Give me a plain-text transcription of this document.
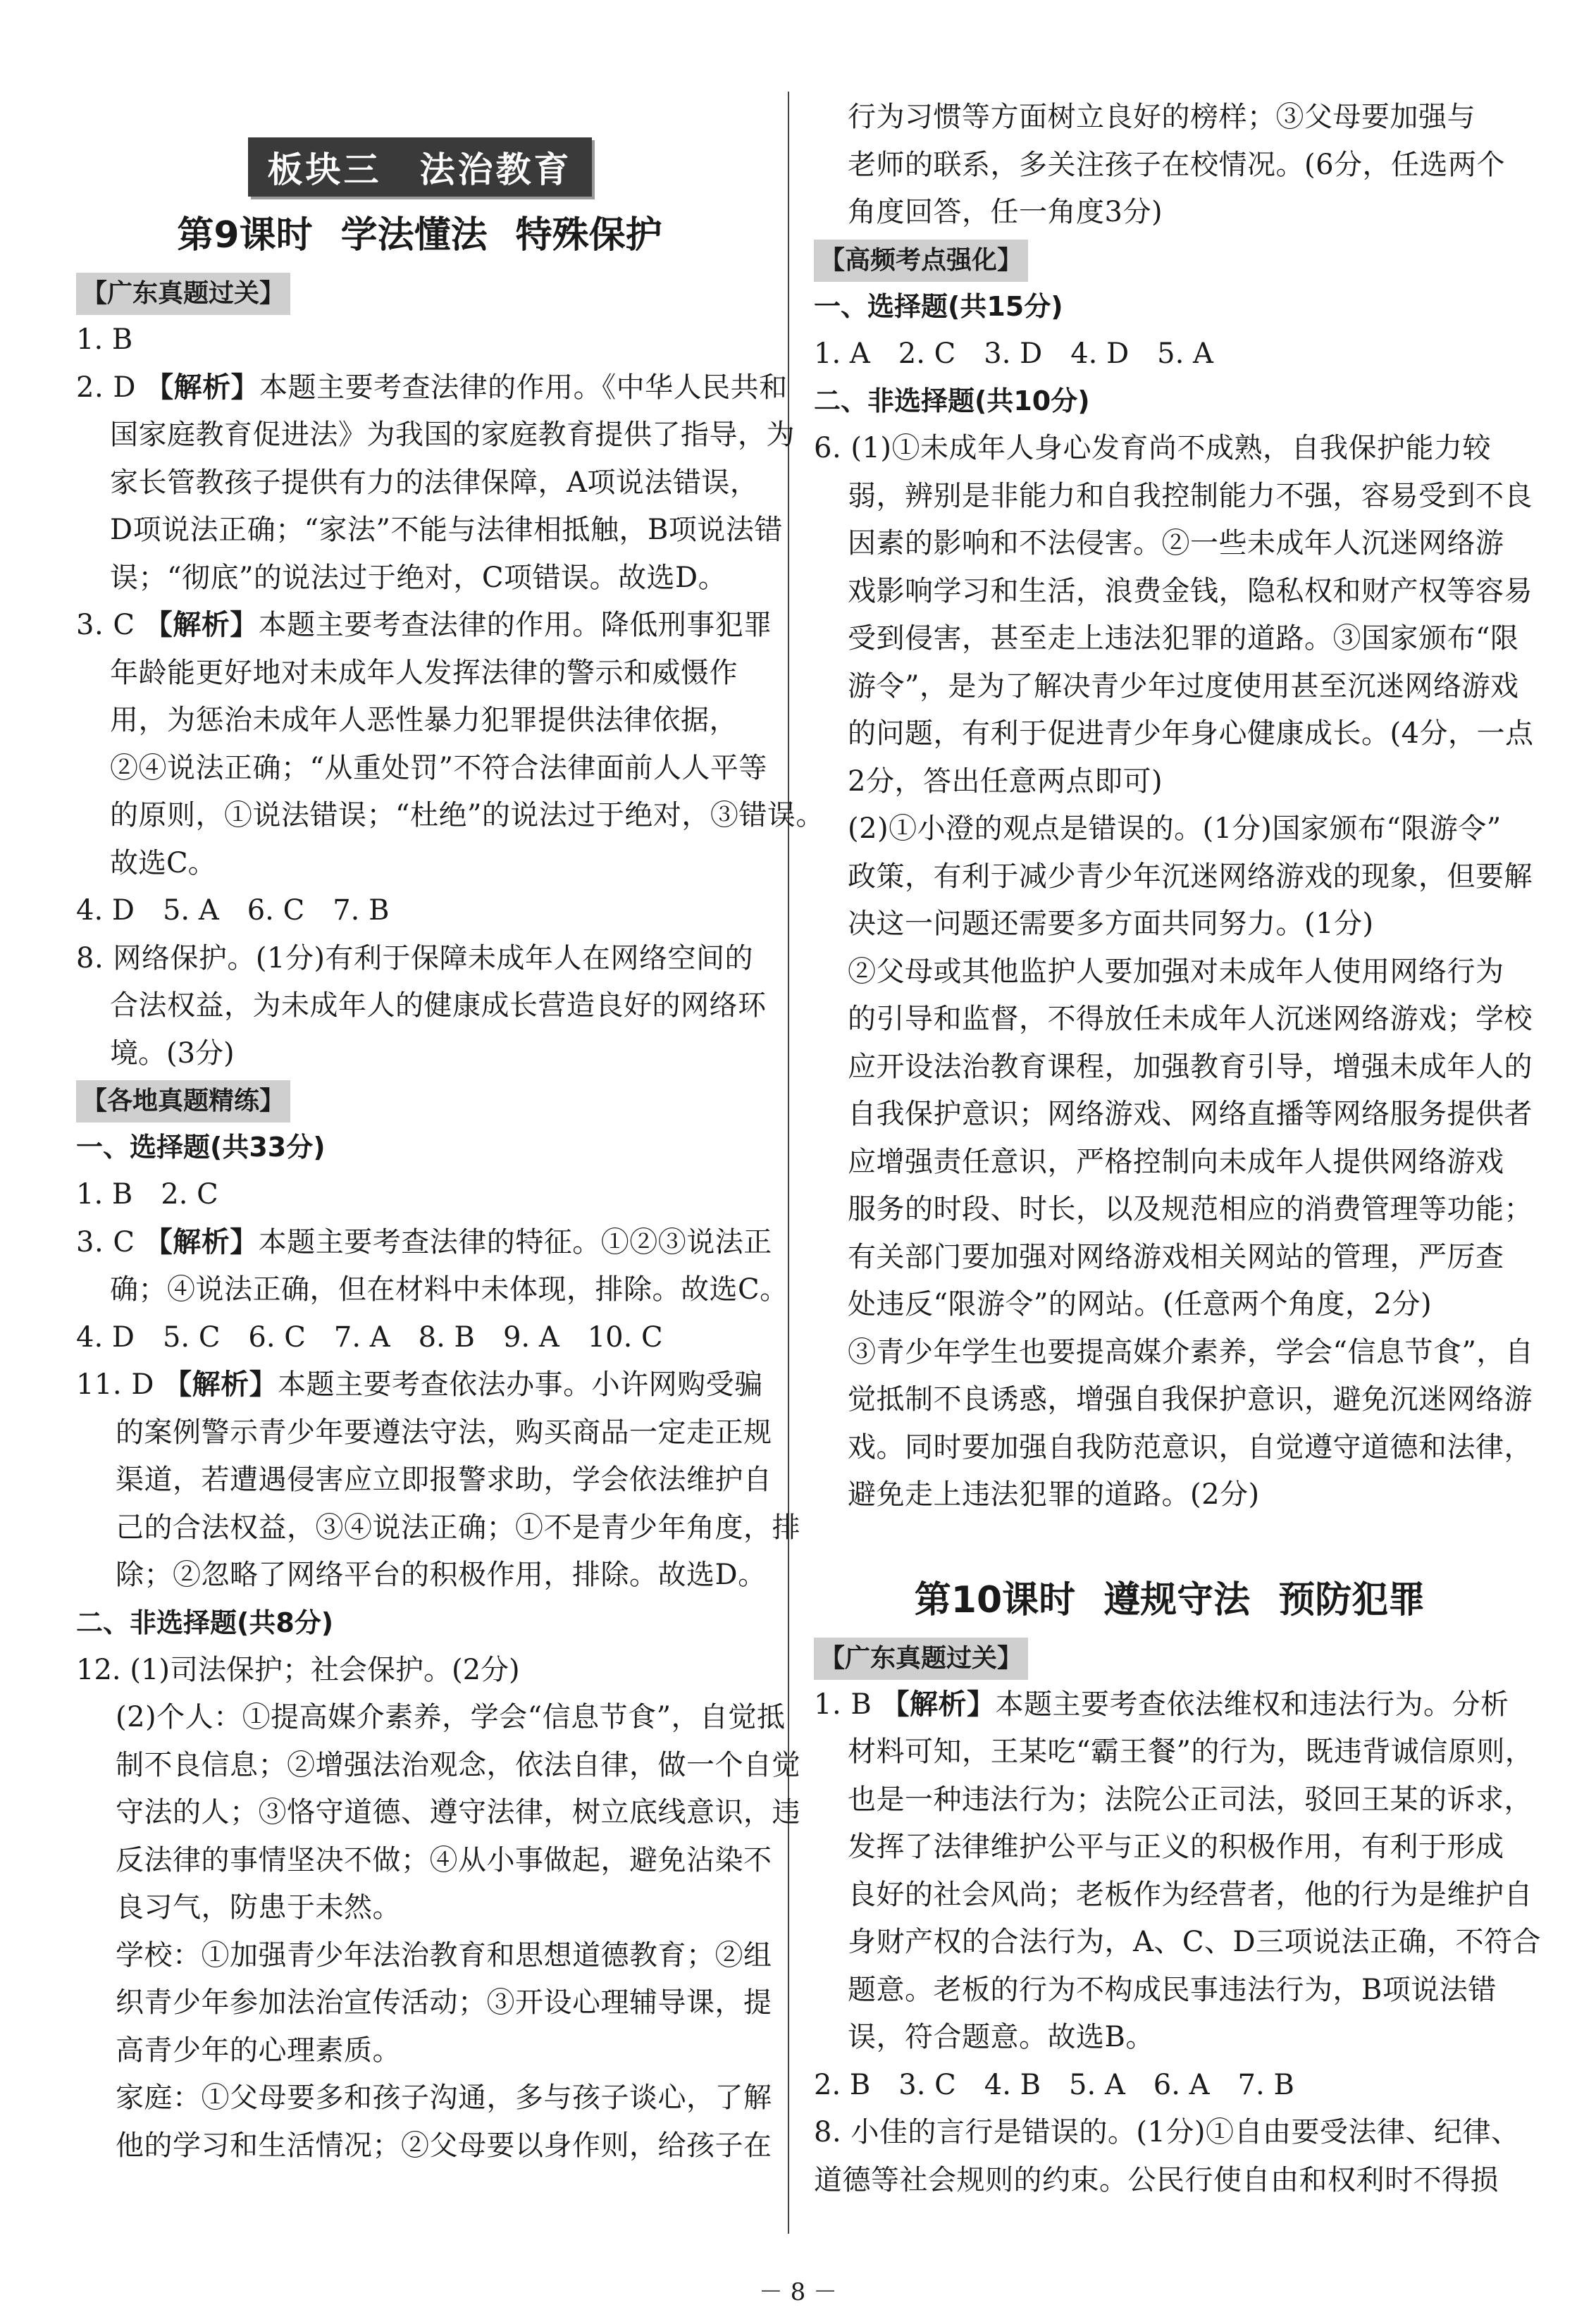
板块三　法治教育
第9课时 学法懂法 特殊保护
【广东真题过关】

1. B

2. D 【解析】本题主要考查法律的作用。《中华人民共和

国家庭教育促进法》为我国的家庭教育提供了指导，为

家长管教孩子提供有力的法律保障，A项说法错误，

D项说法正确；“家法”不能与法律相抵触，B项说法错

误；“彻底”的说法过于绝对，C项错误。故选D。

3. C 【解析】本题主要考查法律的作用。降低刑事犯罪

年龄能更好地对未成年人发挥法律的警示和威慑作

用，为惩治未成年人恶性暴力犯罪提供法律依据，

②④说法正确；“从重处罚”不符合法律面前人人平等

的原则，①说法错误；“杜绝”的说法过于绝对，③错误。

故选C。

4. D　5. A　6. C　7. B

8. 网络保护。(1分)有利于保障未成年人在网络空间的

合法权益，为未成年人的健康成长营造良好的网络环

境。(3分)

【各地真题精练】

一、选择题(共33分)

1. B　2. C

3. C 【解析】本题主要考查法律的特征。①②③说法正

确；④说法正确，但在材料中未体现，排除。故选C。

4. D　5. C　6. C　7. A　8. B　9. A　10. C

11. D 【解析】本题主要考查依法办事。小许网购受骗

的案例警示青少年要遵法守法，购买商品一定走正规

渠道，若遭遇侵害应立即报警求助，学会依法维护自

己的合法权益，③④说法正确；①不是青少年角度，排

除；②忽略了网络平台的积极作用，排除。故选D。

二、非选择题(共8分)

12. (1)司法保护；社会保护。(2分)

(2)个人：①提高媒介素养，学会“信息节食”，自觉抵

制不良信息；②增强法治观念，依法自律，做一个自觉

守法的人；③恪守道德、遵守法律，树立底线意识，违

反法律的事情坚决不做；④从小事做起，避免沾染不

良习气，防患于未然。

学校：①加强青少年法治教育和思想道德教育；②组

织青少年参加法治宣传活动；③开设心理辅导课，提

高青少年的心理素质。

家庭：①父母要多和孩子沟通，多与孩子谈心，了解

他的学习和生活情况；②父母要以身作则，给孩子在

行为习惯等方面树立良好的榜样；③父母要加强与

老师的联系，多关注孩子在校情况。(6分，任选两个

角度回答，任一角度3分)

【高频考点强化】

一、选择题(共15分)

1. A　2. C　3. D　4. D　5. A

二、非选择题(共10分)

6. (1)①未成年人身心发育尚不成熟，自我保护能力较

弱，辨别是非能力和自我控制能力不强，容易受到不良

因素的影响和不法侵害。②一些未成年人沉迷网络游

戏影响学习和生活，浪费金钱，隐私权和财产权等容易

受到侵害，甚至走上违法犯罪的道路。③国家颁布“限

游令”，是为了解决青少年过度使用甚至沉迷网络游戏

的问题，有利于促进青少年身心健康成长。(4分，一点

2分，答出任意两点即可)

(2)①小澄的观点是错误的。(1分)国家颁布“限游令”

政策，有利于减少青少年沉迷网络游戏的现象，但要解

决这一问题还需要多方面共同努力。(1分)

②父母或其他监护人要加强对未成年人使用网络行为

的引导和监督，不得放任未成年人沉迷网络游戏；学校

应开设法治教育课程，加强教育引导，增强未成年人的

自我保护意识；网络游戏、网络直播等网络服务提供者

应增强责任意识，严格控制向未成年人提供网络游戏

服务的时段、时长，以及规范相应的消费管理等功能；

有关部门要加强对网络游戏相关网站的管理，严厉查

处违反“限游令”的网站。(任意两个角度，2分)

③青少年学生也要提高媒介素养，学会“信息节食”，自

觉抵制不良诱惑，增强自我保护意识，避免沉迷网络游

戏。同时要加强自我防范意识，自觉遵守道德和法律，

避免走上违法犯罪的道路。(2分)

第10课时 遵规守法 预防犯罪
【广东真题过关】

1. B 【解析】本题主要考查依法维权和违法行为。分析

材料可知，王某吃“霸王餐”的行为，既违背诚信原则，

也是一种违法行为；法院公正司法，驳回王某的诉求，

发挥了法律维护公平与正义的积极作用，有利于形成

良好的社会风尚；老板作为经营者，他的行为是维护自

身财产权的合法行为，A、C、D三项说法正确，不符合

题意。老板的行为不构成民事违法行为，B项说法错

误，符合题意。故选B。

2. B　3. C　4. B　5. A　6. A　7. B

8. 小佳的言行是错误的。(1分)①自由要受法律、纪律、

道德等社会规则的约束。公民行使自由和权利时不得损

－ 8 －
